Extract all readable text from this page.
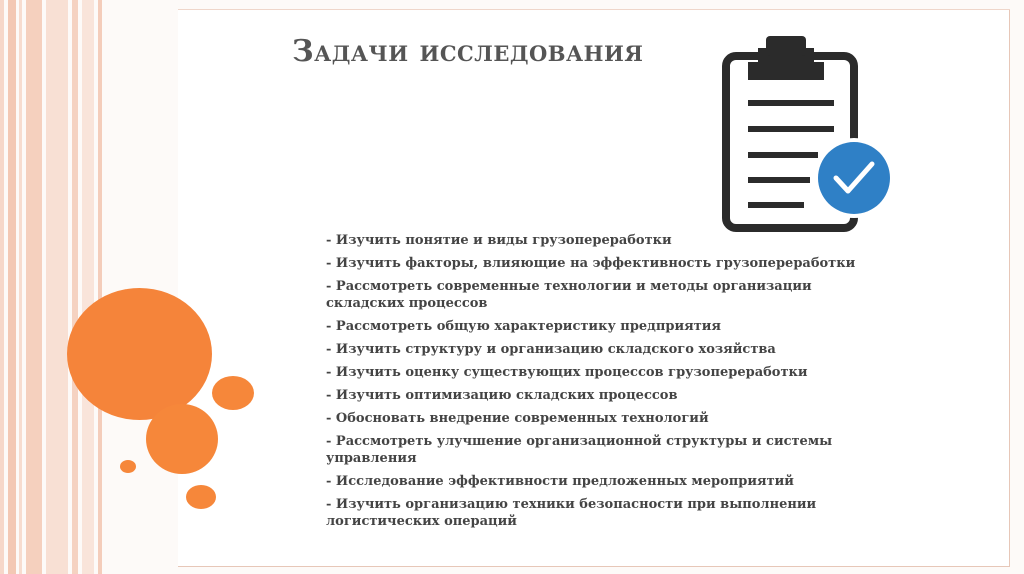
Задачи исследования
- Изучить понятие и виды грузопереработки
- Изучить факторы, влияющие на эффективность грузопереработки
- Рассмотреть современные технологии и методы организации складских процессов
- Рассмотреть общую характеристику предприятия
- Изучить структуру и организацию складского хозяйства
- Изучить оценку существующих процессов грузопереработки
- Изучить оптимизацию складских процессов
- Обосновать внедрение современных технологий
- Рассмотреть улучшение организационной структуры и системы управления
- Исследование эффективности предложенных мероприятий
- Изучить организацию техники безопасности при выполнении логистических операций
